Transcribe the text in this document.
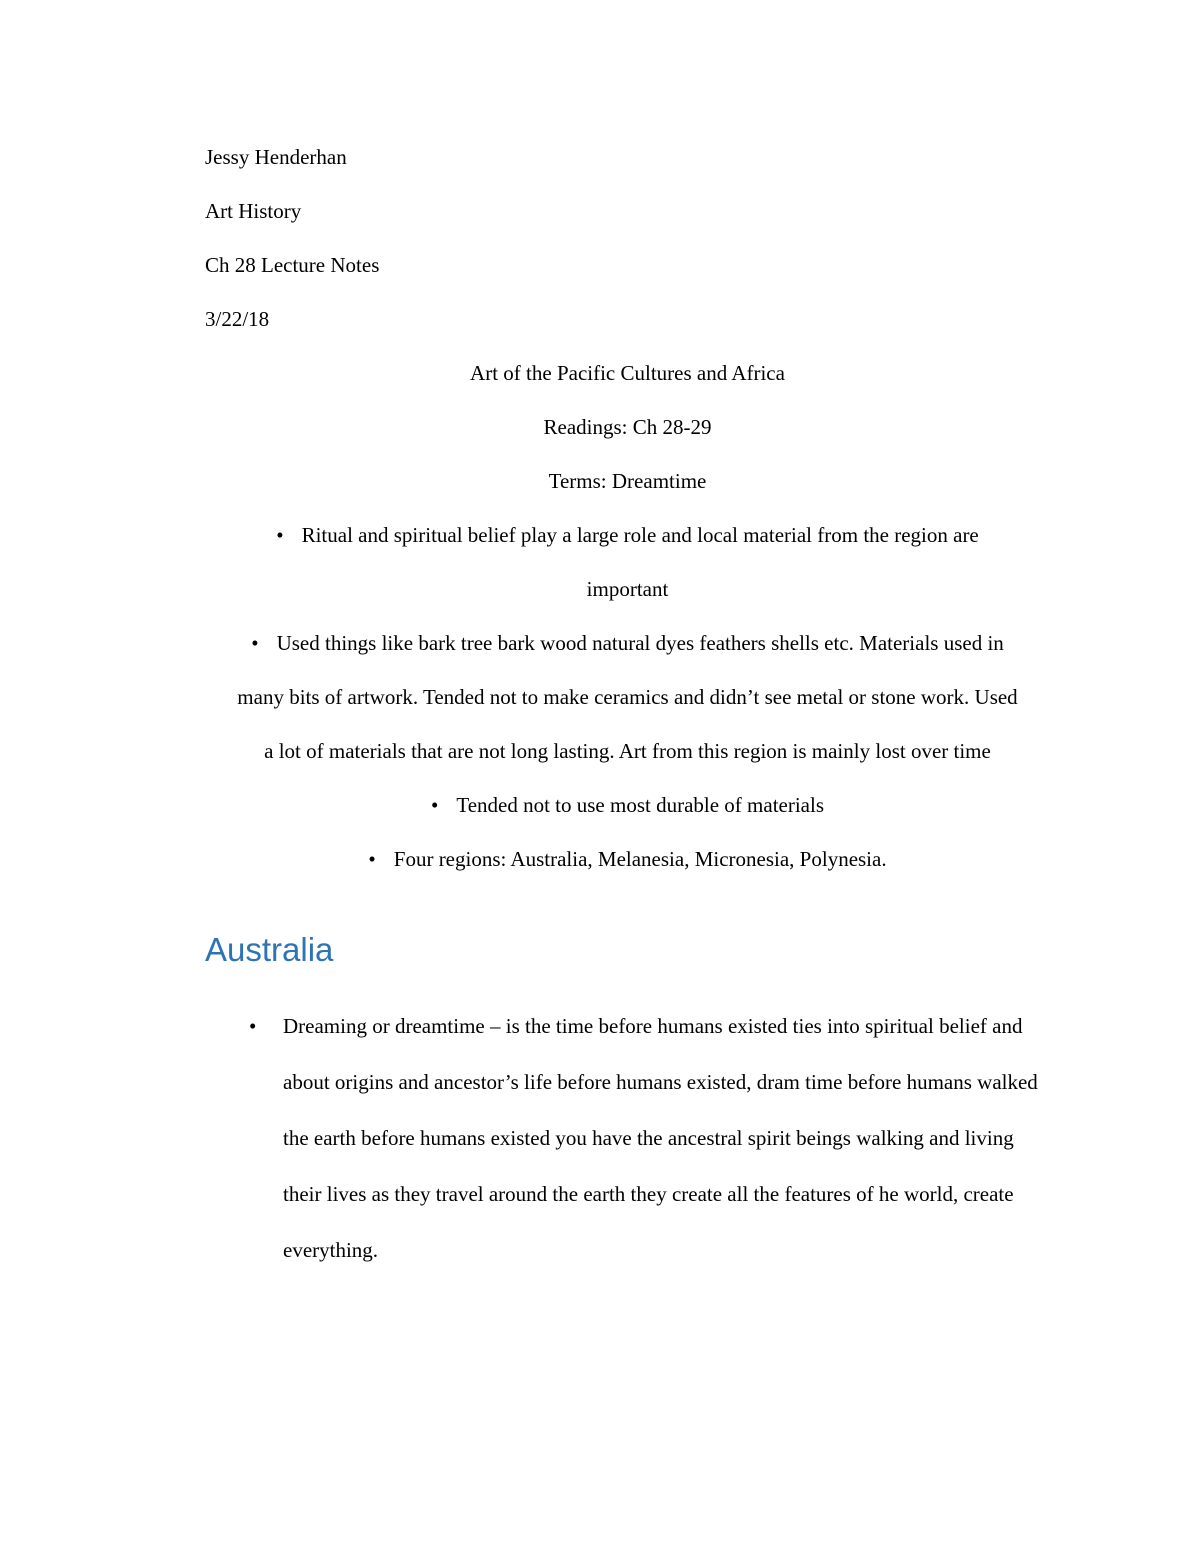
Jessy Henderhan
Art History
Ch 28 Lecture Notes
3/22/18
Art of the Pacific Cultures and Africa
Readings: Ch 28-29
Terms: Dreamtime
• Ritual and spiritual belief play a large role and local material from the region are important
• Used things like bark tree bark wood natural dyes feathers shells etc. Materials used in many bits of artwork. Tended not to make ceramics and didn’t see metal or stone work. Used a lot of materials that are not long lasting. Art from this region is mainly lost over time
• Tended not to use most durable of materials
• Four regions: Australia, Melanesia, Micronesia, Polynesia.
Australia
• Dreaming or dreamtime – is the time before humans existed ties into spiritual belief and about origins and ancestor’s life before humans existed, dram time before humans walked the earth before humans existed you have the ancestral spirit beings walking and living their lives as they travel around the earth they create all the features of he world, create everything.
